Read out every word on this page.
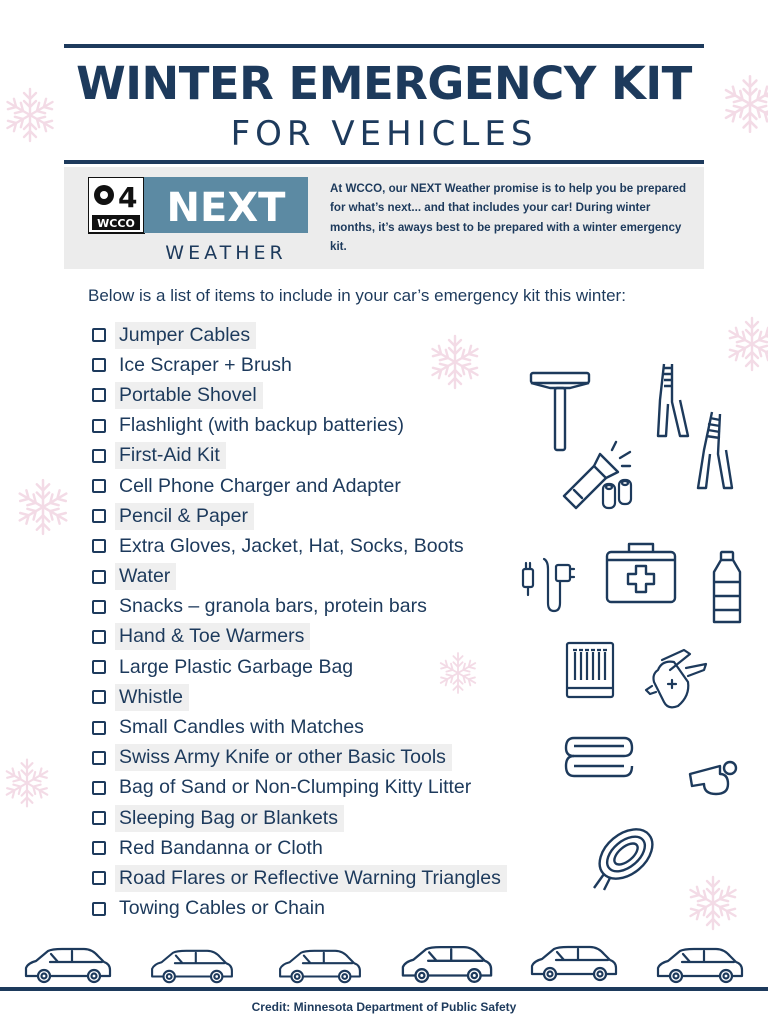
WINTER EMERGENCY KIT
FOR VEHICLES
4
WCCO NEXT
WEATHER
At WCCO, our NEXT Weather promise is to help you be prepared for what’s next... and that includes your car! During winter months, it’s aways best to be prepared with a winter emergency kit.
Below is a list of items to include in your car’s emergency kit this winter:
Jumper Cables
Ice Scraper + Brush
Portable Shovel
Flashlight (with backup batteries)
First-Aid Kit
Cell Phone Charger and Adapter
Pencil & Paper
Extra Gloves, Jacket, Hat, Socks, Boots
Water
Snacks – granola bars, protein bars
Hand & Toe Warmers
Large Plastic Garbage Bag
Whistle
Small Candles with Matches
Swiss Army Knife or other Basic Tools
Bag of Sand or Non-Clumping Kitty Litter
Sleeping Bag or Blankets
Red Bandanna or Cloth
Road Flares or Reflective Warning Triangles
Towing Cables or Chain
Credit: Minnesota Department of Public Safety
